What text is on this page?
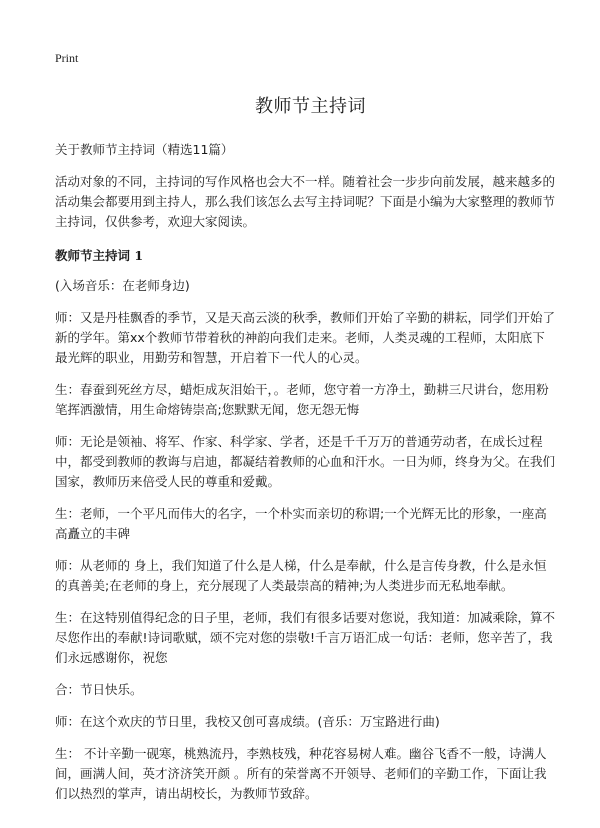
Print
教师节主持词

关于教师节主持词（精选11篇）

活动对象的不同，主持词的写作风格也会大不一样。随着社会一步步向前发展，越来越多的活动集会都要用到主持人，那么我们该怎么去写主持词呢？下面是小编为大家整理的教师节主持词，仅供参考，欢迎大家阅读。

教师节主持词 1

(入场音乐：在老师身边)

师：又是丹桂飘香的季节，又是天高云淡的秋季，教师们开始了辛勤的耕耘，同学们开始了新的学年。第xx个教师节带着秋的神韵向我们走来。老师，人类灵魂的工程师，太阳底下最光辉的职业，用勤劳和智慧，开启着下一代人的心灵。

生：春蚕到死丝方尽，蜡炬成灰泪始干，。老师，您守着一方净土，勤耕三尺讲台，您用粉笔挥洒激情，用生命熔铸崇高;您默默无闻，您无怨无悔

师：无论是领袖、将军、作家、科学家、学者，还是千千万万的普通劳动者，在成长过程中，都受到教师的教诲与启迪，都凝结着教师的心血和汗水。一日为师，终身为父。在我们国家，教师历来倍受人民的尊重和爱戴。

生：老师，一个平凡而伟大的名字，一个朴实而亲切的称谓;一个光辉无比的形象，一座高高矗立的丰碑

师：从老师的 身上，我们知道了什么是人梯，什么是奉献，什么是言传身教，什么是永恒的真善美;在老师的身上，充分展现了人类最崇高的精神;为人类进步而无私地奉献。

生：在这特别值得纪念的日子里，老师，我们有很多话要对您说，我知道：加减乘除，算不尽您作出的奉献!诗词歌赋，颂不完对您的崇敬!千言万语汇成一句话：老师，您辛苦了，我们永远感谢你，祝您

合：节日快乐。

师：在这个欢庆的节日里，我校又创可喜成绩。(音乐：万宝路进行曲)

生： 不计辛勤一砚寒，桃熟流丹，李熟枝残，种花容易树人难。幽谷飞香不一般，诗满人间，画满人间，英才济济笑开颜 。所有的荣誉离不开领导、老师们的辛勤工作，下面让我们以热烈的掌声，请出胡校长，为教师节致辞。
